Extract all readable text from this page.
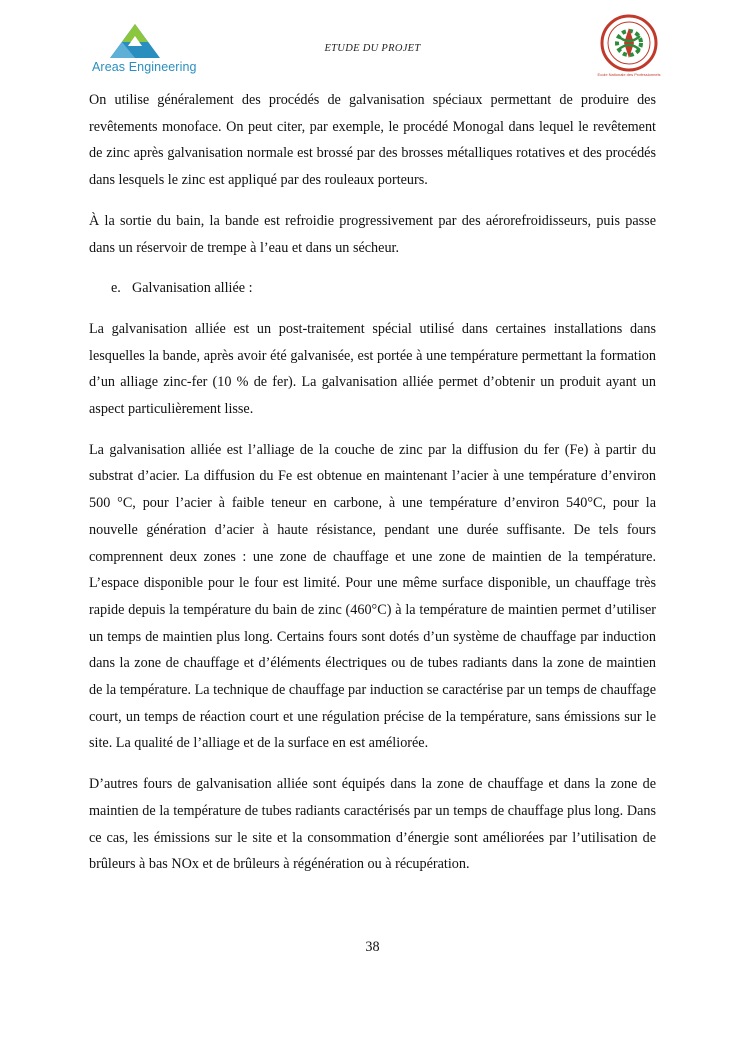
Areas Engineering
ETUDE DU PROJET
Ecole Nationale des Professionnels

On utilise généralement des procédés de galvanisation spéciaux permettant de produire des revêtements monoface. On peut citer, par exemple, le procédé Monogal dans lequel le revêtement de zinc après galvanisation normale est brossé par des brosses métalliques rotatives et des procédés dans lesquels le zinc est appliqué par des rouleaux porteurs.

À la sortie du bain, la bande est refroidie progressivement par des aérorefroidisseurs, puis passe dans un réservoir de trempe à l’eau et dans un sécheur.

e. Galvanisation alliée :

La galvanisation alliée est un post-traitement spécial utilisé dans certaines installations dans lesquelles la bande, après avoir été galvanisée, est portée à une température permettant la formation d’un alliage zinc-fer (10 % de fer). La galvanisation alliée permet d’obtenir un produit ayant un aspect particulièrement lisse.

La galvanisation alliée est l’alliage de la couche de zinc par la diffusion du fer (Fe) à partir du substrat d’acier. La diffusion du Fe est obtenue en maintenant l’acier à une température d’environ 500 °C, pour l’acier à faible teneur en carbone, à une température d’environ 540°C, pour la nouvelle génération d’acier à haute résistance, pendant une durée suffisante. De tels fours comprennent deux zones : une zone de chauffage et une zone de maintien de la température. L’espace disponible pour le four est limité. Pour une même surface disponible, un chauffage très rapide depuis la température du bain de zinc (460°C) à la température de maintien permet d’utiliser un temps de maintien plus long. Certains fours sont dotés d’un système de chauffage par induction dans la zone de chauffage et d’éléments électriques ou de tubes radiants dans la zone de maintien de la température. La technique de chauffage par induction se caractérise par un temps de chauffage court, un temps de réaction court et une régulation précise de la température, sans émissions sur le site. La qualité de l’alliage et de la surface en est améliorée.

D’autres fours de galvanisation alliée sont équipés dans la zone de chauffage et dans la zone de maintien de la température de tubes radiants caractérisés par un temps de chauffage plus long. Dans ce cas, les émissions sur le site et la consommation d’énergie sont améliorées par l’utilisation de brûleurs à bas NOx et de brûleurs à régénération ou à récupération.

38
